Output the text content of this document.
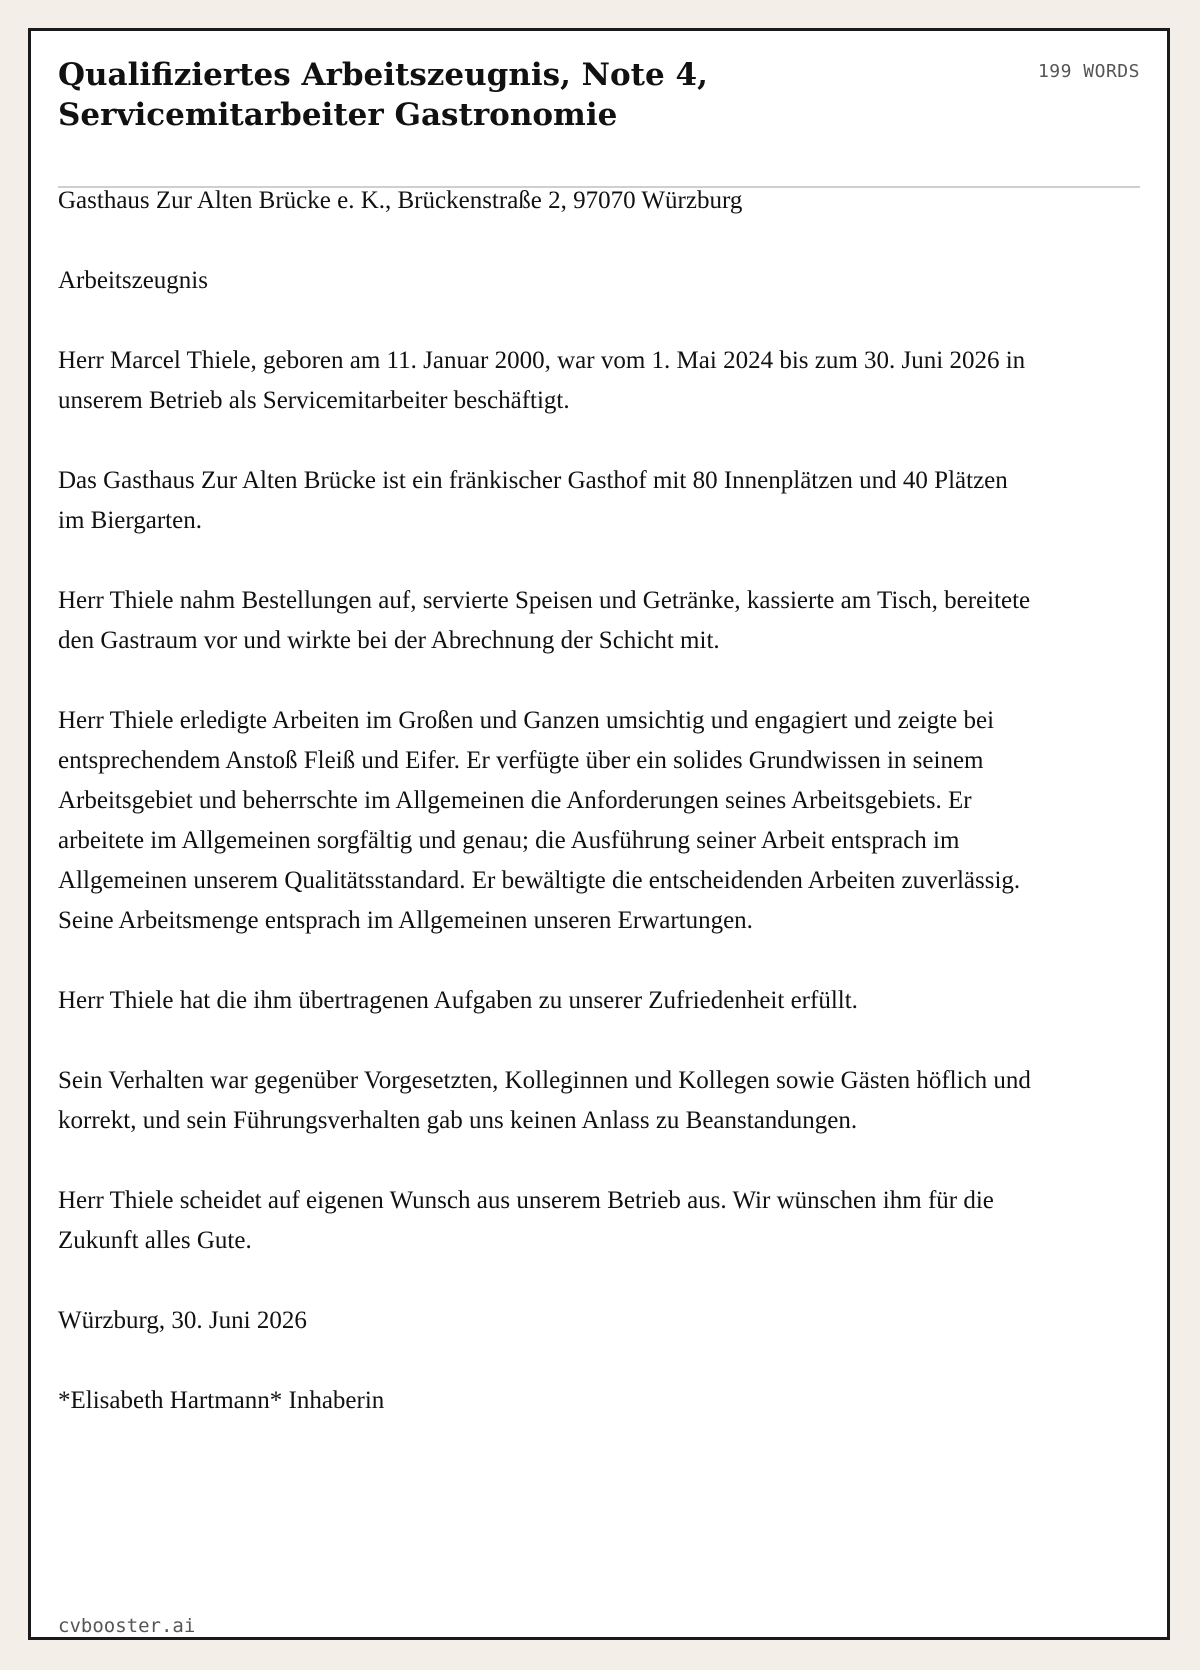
Qualifiziertes Arbeitszeugnis, Note 4,
Servicemitarbeiter Gastronomie
199 WORDS

Gasthaus Zur Alten Brücke e. K., Brückenstraße 2, 97070 Würzburg

Arbeitszeugnis

Herr Marcel Thiele, geboren am 11. Januar 2000, war vom 1. Mai 2024 bis zum 30. Juni 2026 in unserem Betrieb als Servicemitarbeiter beschäftigt.

Das Gasthaus Zur Alten Brücke ist ein fränkischer Gasthof mit 80 Innenplätzen und 40 Plätzen im Biergarten.

Herr Thiele nahm Bestellungen auf, servierte Speisen und Getränke, kassierte am Tisch, bereitete den Gastraum vor und wirkte bei der Abrechnung der Schicht mit.

Herr Thiele erledigte Arbeiten im Großen und Ganzen umsichtig und engagiert und zeigte bei entsprechendem Anstoß Fleiß und Eifer. Er verfügte über ein solides Grundwissen in seinem Arbeitsgebiet und beherrschte im Allgemeinen die Anforderungen seines Arbeitsgebiets. Er arbeitete im Allgemeinen sorgfältig und genau; die Ausführung seiner Arbeit entsprach im Allgemeinen unserem Qualitätsstandard. Er bewältigte die entscheidenden Arbeiten zuverlässig. Seine Arbeitsmenge entsprach im Allgemeinen unseren Erwartungen.

Herr Thiele hat die ihm übertragenen Aufgaben zu unserer Zufriedenheit erfüllt.

Sein Verhalten war gegenüber Vorgesetzten, Kolleginnen und Kollegen sowie Gästen höflich und korrekt, und sein Führungsverhalten gab uns keinen Anlass zu Beanstandungen.

Herr Thiele scheidet auf eigenen Wunsch aus unserem Betrieb aus. Wir wünschen ihm für die Zukunft alles Gute.

Würzburg, 30. Juni 2026

*Elisabeth Hartmann* Inhaberin

cvbooster.ai
